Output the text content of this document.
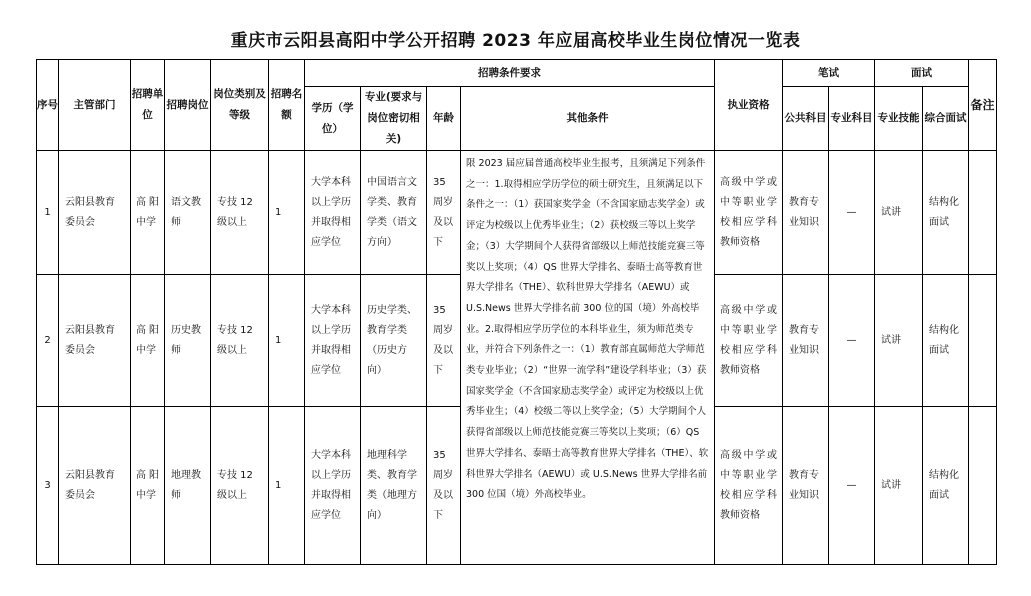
重庆市云阳县高阳中学公开招聘 2023 年应届高校毕业生岗位情况一览表
序号	主管部门	招聘单位	招聘岗位	岗位类别及等级	招聘名额	招聘条件要求				执业资格	笔试		面试		备注
						学历（学位）	专业(要求与岗位密切相关)	年龄	其他条件		公共科目	专业科目	专业技能	综合面试	
1	云阳县教育委员会	高阳中学	语文教师	专技 12 级以上	1	大学本科以上学历并取得相应学位	中国语言文学类、教育学类（语文方向）	35 周岁及以下	限 2023 届应届普通高校毕业生报考，且须满足下列条件之一：1.取得相应学历学位的硕士研究生，且须满足以下条件之一：（1）获国家奖学金（不含国家励志奖学金）或评定为校级以上优秀毕业生；（2）获校级三等以上奖学金；（3）大学期间个人获得省部级以上师范技能竞赛三等奖以上奖项；（4）QS 世界大学排名、泰晤士高等教育世界大学排名（THE）、软科世界大学排名（AEWU）或 U.S.News 世界大学排名前 300 位的国（境）外高校毕业。2.取得相应学历学位的本科毕业生，须为师范类专业，并符合下列条件之一：（1）教育部直属师范大学师范类专业毕业；（2）“世界一流学科”建设学科毕业；（3）获国家奖学金（不含国家励志奖学金）或评定为校级以上优秀毕业生；（4）校级二等以上奖学金；（5）大学期间个人获得省部级以上师范技能竞赛三等奖以上奖项；（6）QS 世界大学排名、泰晤士高等教育世界大学排名（THE）、软科世界大学排名（AEWU）或 U.S.News 世界大学排名前 300 位国（境）外高校毕业。	高级中学或中等职业学校相应学科教师资格	教育专业知识	—	试讲	结构化面试	
2	云阳县教育委员会	高阳中学	历史教师	专技 12 级以上	1	大学本科以上学历并取得相应学位	历史学类、教育学类（历史方向）	35 周岁及以下		高级中学或中等职业学校相应学科教师资格	教育专业知识	—	试讲	结构化面试	
3	云阳县教育委员会	高阳中学	地理教师	专技 12 级以上	1	大学本科以上学历并取得相应学位	地理科学类、教育学类（地理方向）	35 周岁及以下		高级中学或中等职业学校相应学科教师资格	教育专业知识	—	试讲	结构化面试	
